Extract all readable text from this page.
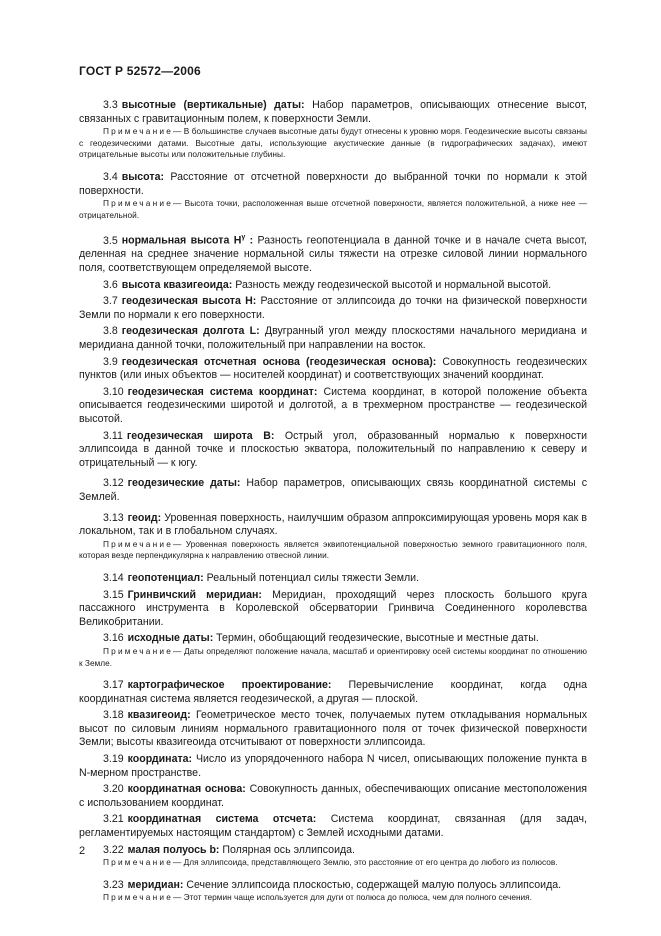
ГОСТ Р 52572—2006

3.3 высотные (вертикальные) даты: Набор параметров, описывающих отнесение высот, связанных с гравитационным полем, к поверхности Земли.

Примечание— В большинстве случаев высотные даты будут отнесены к уровню моря. Геодезические высоты связаны с геодезическими датами. Высотные даты, использующие акустические данные (в гидрографических задачах), имеют отрицательные высоты или положительные глубины.

3.4 высота: Расстояние от отсчетной поверхности до выбранной точки по нормали к этой поверхности.

Примечание— Высота точки, расположенная выше отсчетной поверхности, является положительной, а ниже нее — отрицательной.

3.5 нормальная высота $H^\gamma$ : Разность геопотенциала в данной точке и в начале счета высот, деленная на среднее значение нормальной силы тяжести на отрезке силовой линии нормального поля, соответствующем определяемой высоте.

3.6 высота квазигеоида: Разность между геодезической высотой и нормальной высотой.

3.7 геодезическая высота H: Расстояние от эллипсоида до точки на физической поверхности Земли по нормали к его поверхности.

3.8 геодезическая долгота L: Двугранный угол между плоскостями начального меридиана и меридиана данной точки, положительный при направлении на восток.

3.9 геодезическая отсчетная основа (геодезическая основа): Совокупность геодезических пунктов (или иных объектов — носителей координат) и соответствующих значений координат.

3.10 геодезическая система координат: Система координат, в которой положение объекта описывается геодезическими широтой и долготой, а в трехмерном пространстве — геодезической высотой.

3.11 геодезическая широта B: Острый угол, образованный нормалью к поверхности эллипсоида в данной точке и плоскостью экватора, положительный по направлению к северу и отрицательный — к югу.

3.12 геодезические даты: Набор параметров, описывающих связь координатной системы с Землей.

3.13 геоид: Уровенная поверхность, наилучшим образом аппроксимирующая уровень моря как в локальном, так и в глобальном случаях.

Примечание— Уровенная поверхность является эквипотенциальной поверхностью земного гравитационного поля, которая везде перпендикулярна к направлению отвесной линии.

3.14 геопотенциал: Реальный потенциал силы тяжести Земли.

3.15 Гринвичский меридиан: Меридиан, проходящий через плоскость большого круга пассажного инструмента в Королевской обсерватории Гринвича Соединенного королевства Великобритании.

3.16 исходные даты: Термин, обобщающий геодезические, высотные и местные даты.

Примечание— Даты определяют положение начала, масштаб и ориентировку осей системы координат по отношению к Земле.

3.17 картографическое проектирование: Перевычисление координат, когда одна координатная система является геодезической, а другая — плоской.

3.18 квазигеоид: Геометрическое место точек, получаемых путем откладывания нормальных высот по силовым линиям нормального гравитационного поля от точек физической поверхности Земли; высоты квазигеоида отсчитывают от поверхности эллипсоида.

3.19 координата: Число из упорядоченного набора N чисел, описывающих положение пункта в N-мерном пространстве.

3.20 координатная основа: Совокупность данных, обеспечивающих описание местоположения с использованием координат.

3.21 координатная система отсчета: Система координат, связанная (для задач, регламентируемых настоящим стандартом) с Землей исходными датами.

3.22 малая полуось b: Полярная ось эллипсоида.

Примечание— Для эллипсоида, представляющего Землю, это расстояние от его центра до любого из полюсов.

3.23 меридиан: Сечение эллипсоида плоскостью, содержащей малую полуось эллипсоида.

Примечание— Этот термин чаще используется для дуги от полюса до полюса, чем для полного сечения.

2
